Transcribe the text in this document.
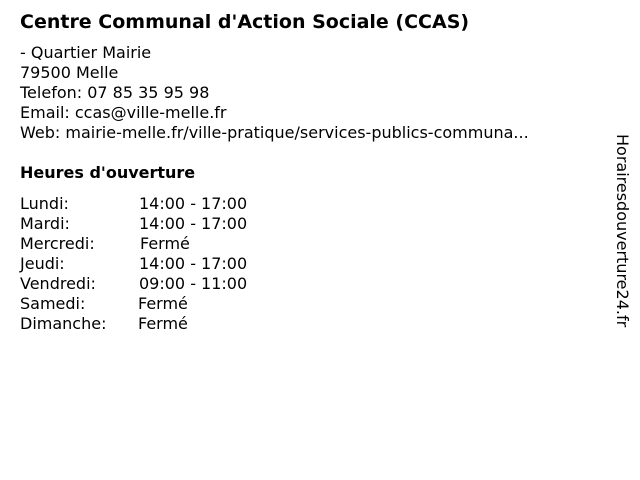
Centre Communal d'Action Sociale (CCAS)
- Quartier Mairie
79500 Melle
Telefon: 07 85 35 95 98
Email: ccas@ville-melle.fr
Web: mairie-melle.fr/ville-pratique/services-publics-communa...
Heures d'ouverture
Lundi:	14:00 - 17:00
Mardi:	14:00 - 17:00
Mercredi:	Fermé
Jeudi:	14:00 - 17:00
Vendredi:	09:00 - 11:00
Samedi:	Fermé
Dimanche: Fermé	Horairesdouverture24.fr
